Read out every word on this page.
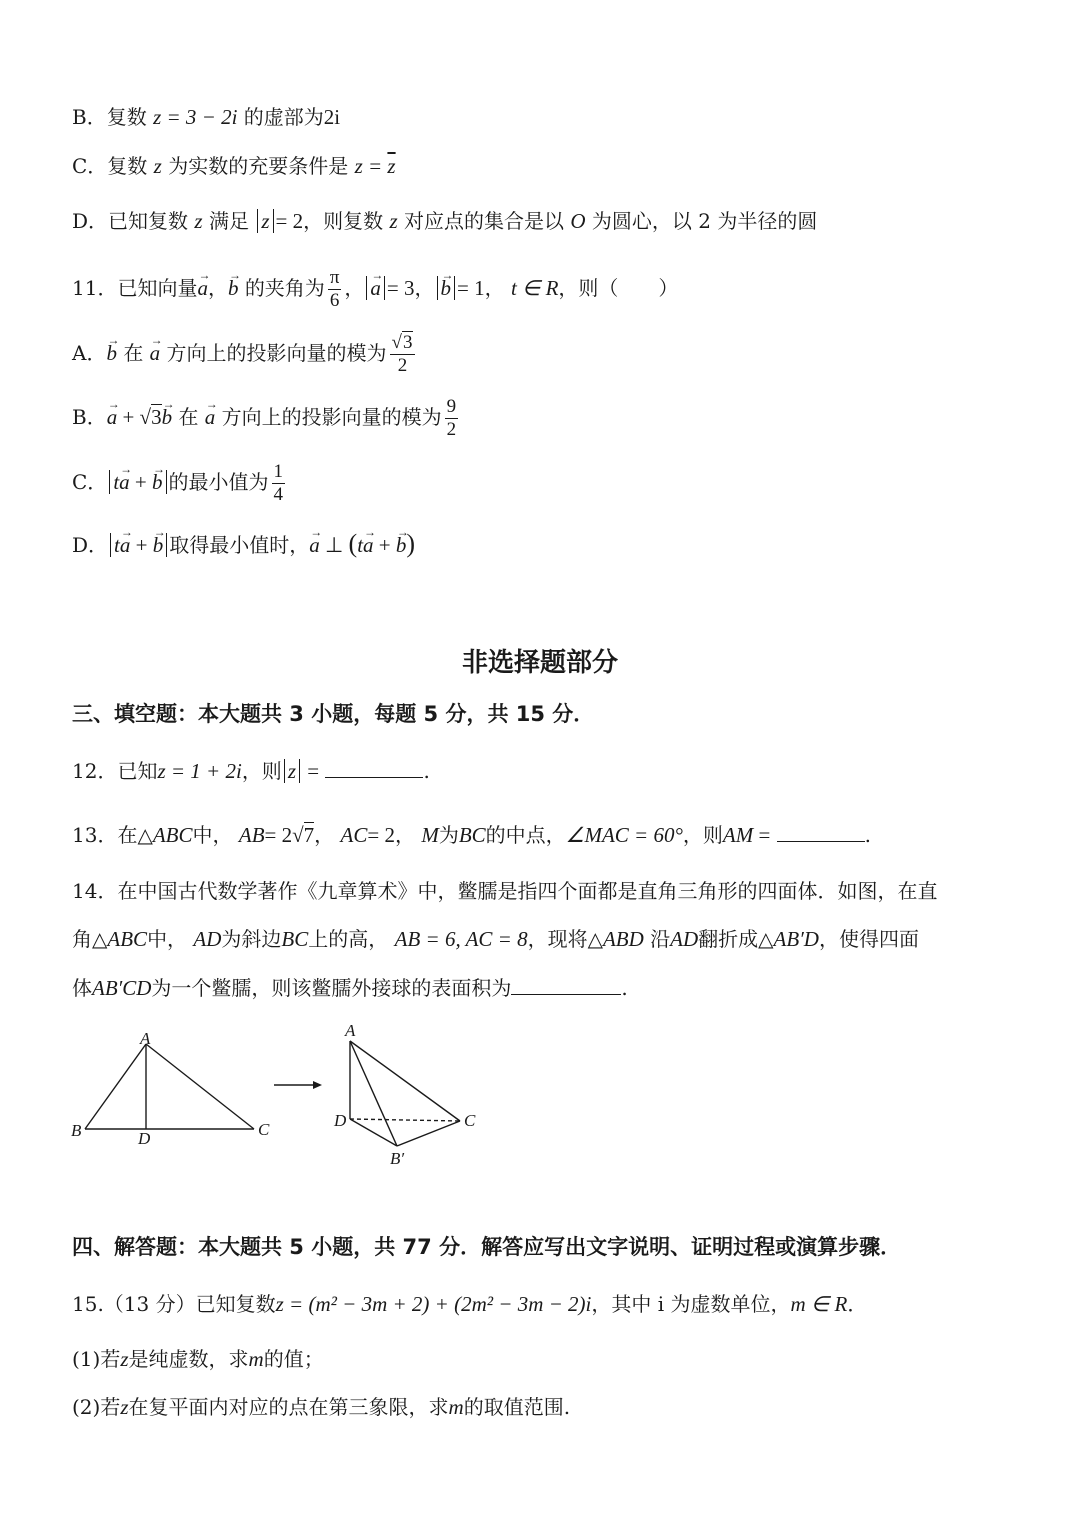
B．复数 z = 3 − 2i 的虚部为2i
C．复数 z 为实数的充要条件是 $z = \overline{z}$
D．已知复数 z 满足 z = 2，则复数 z 对应点的集合是以 O 为圆心，以 2 为半径的圆
11．已知向量→ a，→ b 的夹角为 $\frac{\pi}{6}$ ， → a = 3， → b = 1， t ∈ R，则（　　）
A．→ b 在 → a 方向上的投影向量的模为 $\frac{√3}{2}$
B．→ a + √3→ b 在 → a 方向上的投影向量的模为 $\frac{9}{2}$
C． t→ a + → b 的最小值为 $\frac{1}{4}$
D． t→ a + → b 取得最小值时，→ a ⊥ (t→ a + → b)
非选择题部分
三、填空题：本大题共 3 小题，每题 5 分，共 15 分．
12．已知z = 1 + 2i，则 z =	.
13．在△ABC中， AB= 2√7， AC= 2， M为BC的中点，∠MAC = 60°，则AM =	.
14．在中国古代数学著作《九章算术》中，鳖臑是指四个面都是直角三角形的四面体．如图，在直
角△ABC中， AD为斜边BC上的高， AB = 6, AC = 8，现将△ABD 沿AD翻折成△AB′D，使得四面
体AB′CD为一个鳖臑，则该鳖臑外接球的表面积为	.
A
B	C
D
A
D	C
B′
四、解答题：本大题共 5 小题，共 77 分．解答应写出文字说明、证明过程或演算步骤．
15.（13 分）已知复数z = (m² − 3m + 2) + (2m² − 3m − 2)i，其中 i 为虚数单位，m ∈ R．
(1)若z是纯虚数，求m的值；
(2)若z在复平面内对应的点在第三象限，求m的取值范围.
